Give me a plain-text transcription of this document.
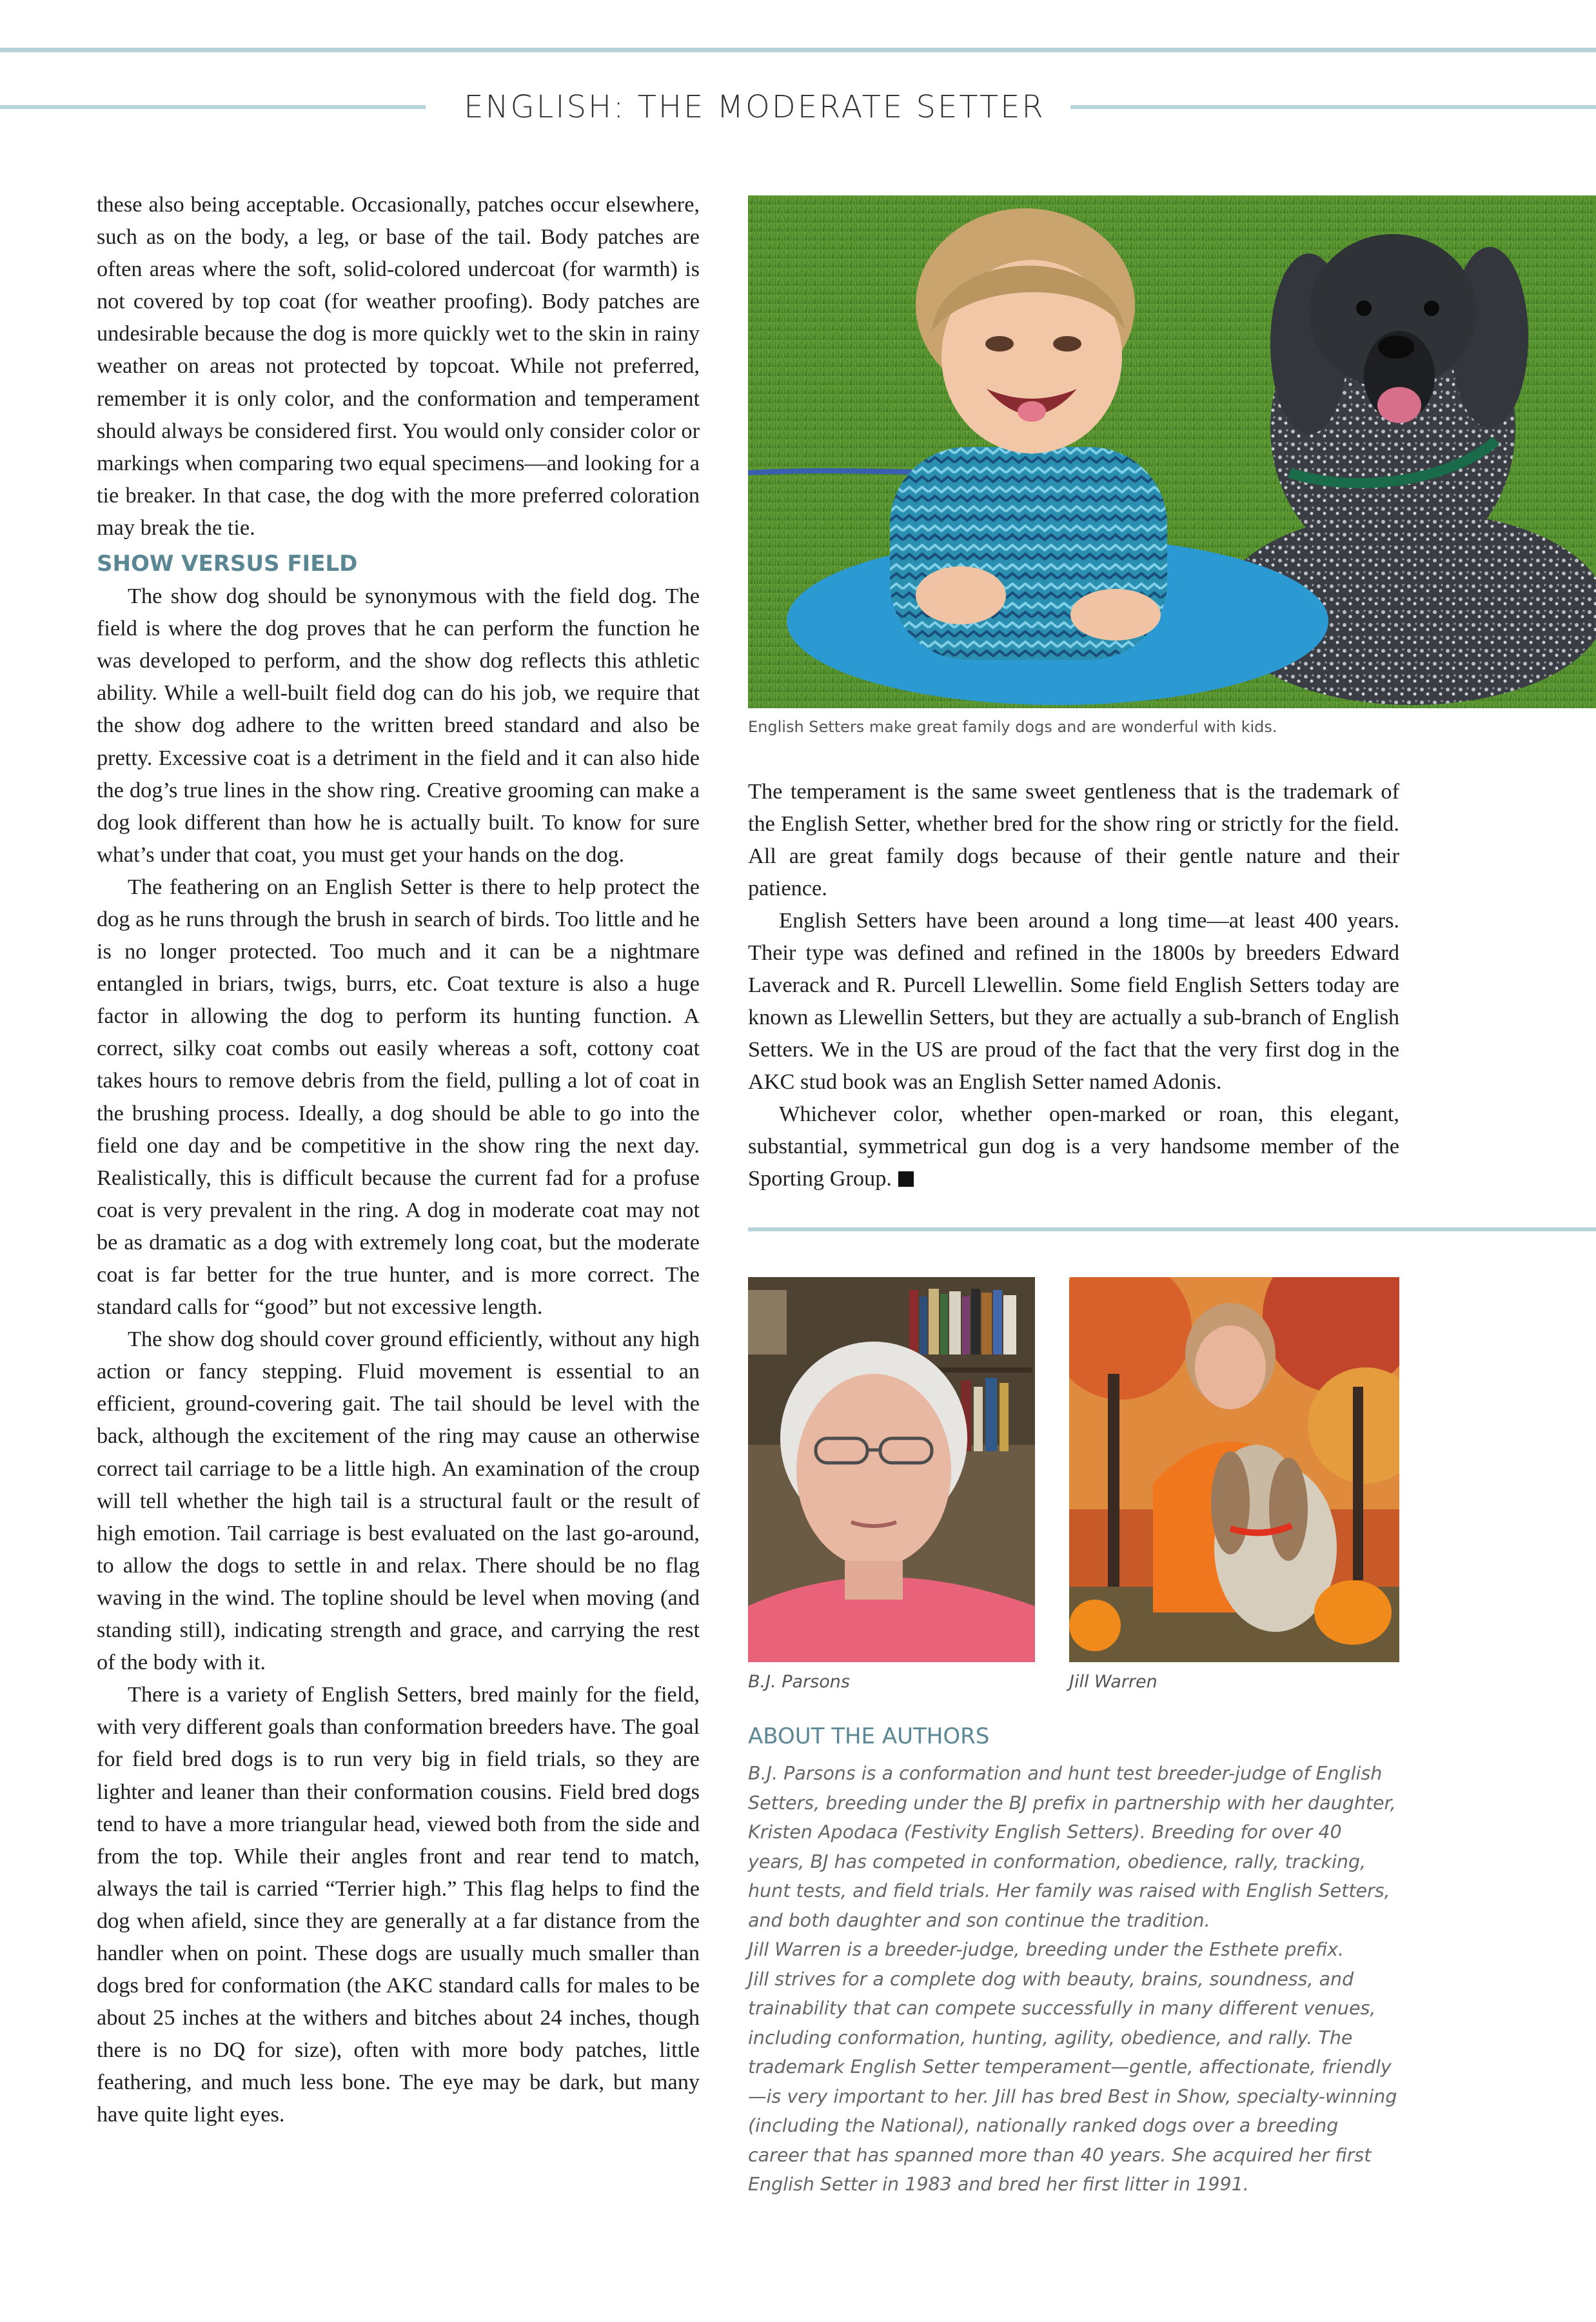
ENGLISH: THE MODERATE SETTER

these also being acceptable. Occasionally, patches occur elsewhere, such as on the body, a leg, or base of the tail. Body patches are often areas where the soft, solid-colored undercoat (for warmth) is not covered by top coat (for weather proofing). Body patches are undesirable because the dog is more quickly wet to the skin in rainy weather on areas not protected by topcoat. While not preferred, remember it is only color, and the conformation and temperament should always be considered first. You would only consider color or markings when comparing two equal specimens—and looking for a tie breaker. In that case, the dog with the more preferred coloration may break the tie.

SHOW VERSUS FIELD

The show dog should be synonymous with the field dog. The field is where the dog proves that he can perform the function he was developed to perform, and the show dog reflects this athletic ability. While a well-built field dog can do his job, we require that the show dog adhere to the written breed standard and also be pretty. Excessive coat is a detriment in the field and it can also hide the dog’s true lines in the show ring. Creative grooming can make a dog look different than how he is actually built. To know for sure what’s under that coat, you must get your hands on the dog.

The feathering on an English Setter is there to help protect the dog as he runs through the brush in search of birds. Too little and he is no longer protected. Too much and it can be a nightmare entangled in briars, twigs, burrs, etc. Coat texture is also a huge factor in allowing the dog to perform its hunting function. A correct, silky coat combs out easily whereas a soft, cottony coat takes hours to remove debris from the field, pulling a lot of coat in the brushing process. Ideally, a dog should be able to go into the field one day and be competitive in the show ring the next day. Realistically, this is difficult because the current fad for a profuse coat is very prevalent in the ring. A dog in moderate coat may not be as dramatic as a dog with extremely long coat, but the moderate coat is far better for the true hunter, and is more correct. The standard calls for “good” but not excessive length.

The show dog should cover ground efficiently, without any high action or fancy stepping. Fluid movement is essential to an efficient, ground-covering gait. The tail should be level with the back, although the excitement of the ring may cause an otherwise correct tail carriage to be a little high. An examination of the croup will tell whether the high tail is a structural fault or the result of high emotion. Tail carriage is best evaluated on the last go-around, to allow the dogs to settle in and relax. There should be no flag waving in the wind. The topline should be level when moving (and standing still), indicating strength and grace, and carrying the rest of the body with it.

There is a variety of English Setters, bred mainly for the field, with very different goals than conformation breeders have. The goal for field bred dogs is to run very big in field trials, so they are lighter and leaner than their conformation cousins. Field bred dogs tend to have a more triangular head, viewed both from the side and from the top. While their angles front and rear tend to match, always the tail is carried “Terrier high.” This flag helps to find the dog when afield, since they are generally at a far distance from the handler when on point. These dogs are usually much smaller than dogs bred for conformation (the AKC standard calls for males to be about 25 inches at the withers and bitches about 24 inches, though there is no DQ for size), often with more body patches, little feathering, and much less bone. The eye may be dark, but many have quite light eyes.

English Setters make great family dogs and are wonderful with kids.

The temperament is the same sweet gentleness that is the trademark of the English Setter, whether bred for the show ring or strictly for the field. All are great family dogs because of their gentle nature and their patience.

English Setters have been around a long time—at least 400 years. Their type was defined and refined in the 1800s by breeders Edward Laverack and R. Purcell Llewellin. Some field English Setters today are known as Llewellin Setters, but they are actually a sub-branch of English Setters. We in the US are proud of the fact that the very first dog in the AKC stud book was an English Setter named Adonis.

Whichever color, whether open-marked or roan, this elegant, substantial, symmetrical gun dog is a very handsome member of the Sporting Group.

B.J. Parsons	Jill Warren
ABOUT THE AUTHORS

B.J. Parsons is a conformation and hunt test breeder-judge of English Setters, breeding under the BJ prefix in partnership with her daughter, Kristen Apodaca (Festivity English Setters). Breeding for over 40 years, BJ has competed in conformation, obedience, rally, tracking, hunt tests, and field trials. Her family was raised with English Setters, and both daughter and son continue the tradition.

Jill Warren is a breeder-judge, breeding under the Esthete prefix.

Jill strives for a complete dog with beauty, brains, soundness, and trainability that can compete successfully in many different venues, including conformation, hunting, agility, obedience, and rally. The trademark English Setter temperament—gentle, affectionate, friendly—is very important to her. Jill has bred Best in Show, specialty-winning (including the National), nationally ranked dogs over a breeding career that has spanned more than 40 years. She acquired her first English Setter in 1983 and bred her first litter in 1991.
